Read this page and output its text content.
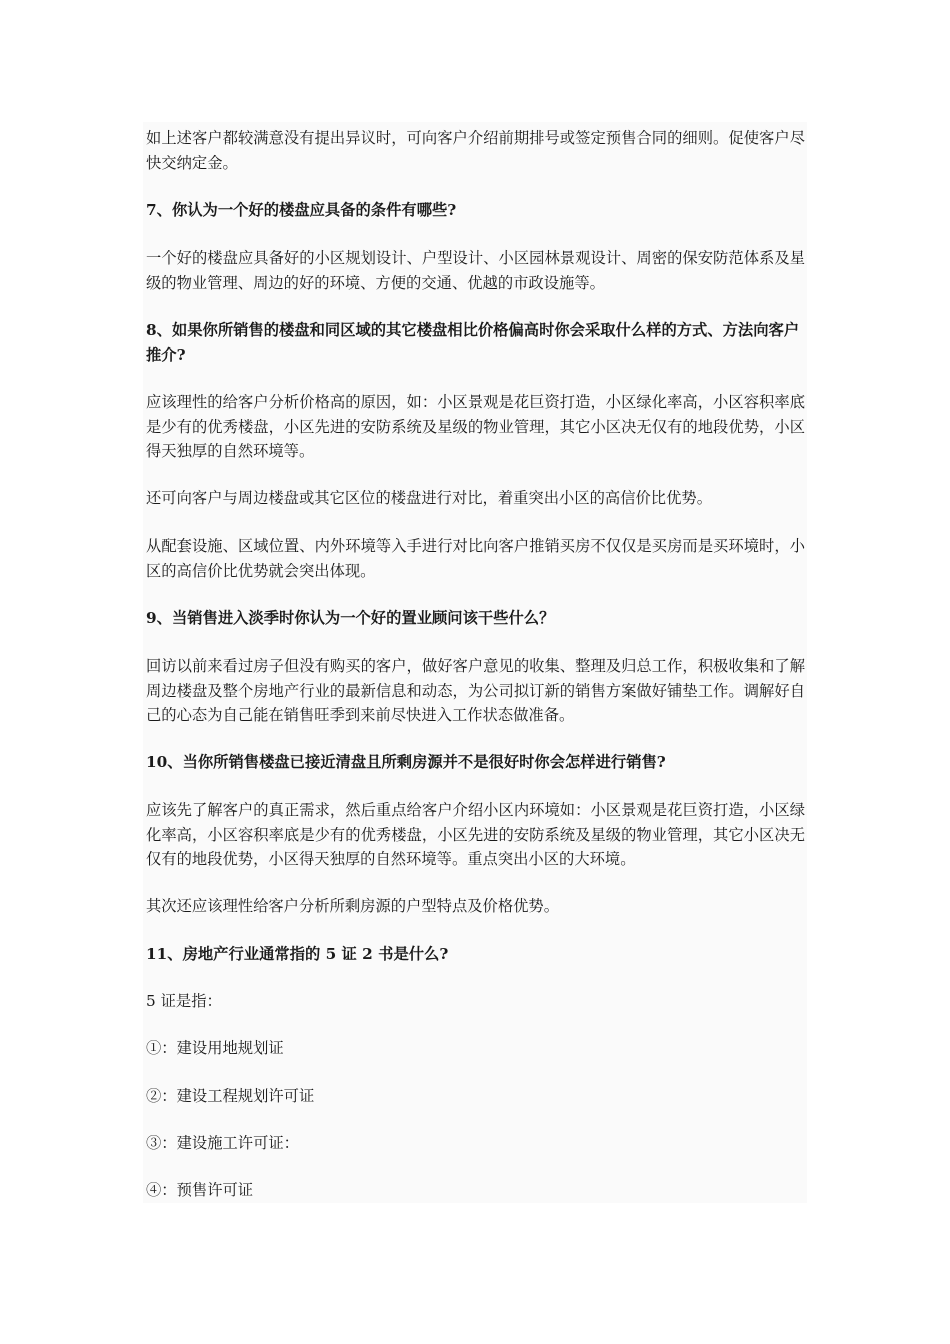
如上述客户都较满意没有提出异议时，可向客户介绍前期排号或签定预售合同的细则。促使客户尽快交纳定金。

7、你认为一个好的楼盘应具备的条件有哪些?

一个好的楼盘应具备好的小区规划设计、户型设计、小区园林景观设计、周密的保安防范体系及星级的物业管理、周边的好的环境、方便的交通、优越的市政设施等。

8、如果你所销售的楼盘和同区域的其它楼盘相比价格偏高时你会采取什么样的方式、方法向客户推介?

应该理性的给客户分析价格高的原因，如：小区景观是花巨资打造，小区绿化率高，小区容积率底是少有的优秀楼盘，小区先进的安防系统及星级的物业管理，其它小区决无仅有的地段优势，小区得天独厚的自然环境等。

还可向客户与周边楼盘或其它区位的楼盘进行对比，着重突出小区的高信价比优势。

从配套设施、区域位置、内外环境等入手进行对比向客户推销买房不仅仅是买房而是买环境时，小区的高信价比优势就会突出体现。

9、当销售进入淡季时你认为一个好的置业顾问该干些什么？

回访以前来看过房子但没有购买的客户，做好客户意见的收集、整理及归总工作，积极收集和了解周边楼盘及整个房地产行业的最新信息和动态，为公司拟订新的销售方案做好铺垫工作。调解好自己的心态为自己能在销售旺季到来前尽快进入工作状态做准备。

10、当你所销售楼盘已接近清盘且所剩房源并不是很好时你会怎样进行销售?

应该先了解客户的真正需求，然后重点给客户介绍小区内环境如：小区景观是花巨资打造，小区绿化率高，小区容积率底是少有的优秀楼盘，小区先进的安防系统及星级的物业管理，其它小区决无仅有的地段优势，小区得天独厚的自然环境等。重点突出小区的大环境。

其次还应该理性给客户分析所剩房源的户型特点及价格优势。

11、房地产行业通常指的 5 证 2 书是什么?

5 证是指：

①：建设用地规划证

②：建设工程规划许可证

③：建设施工许可证：

④：预售许可证
